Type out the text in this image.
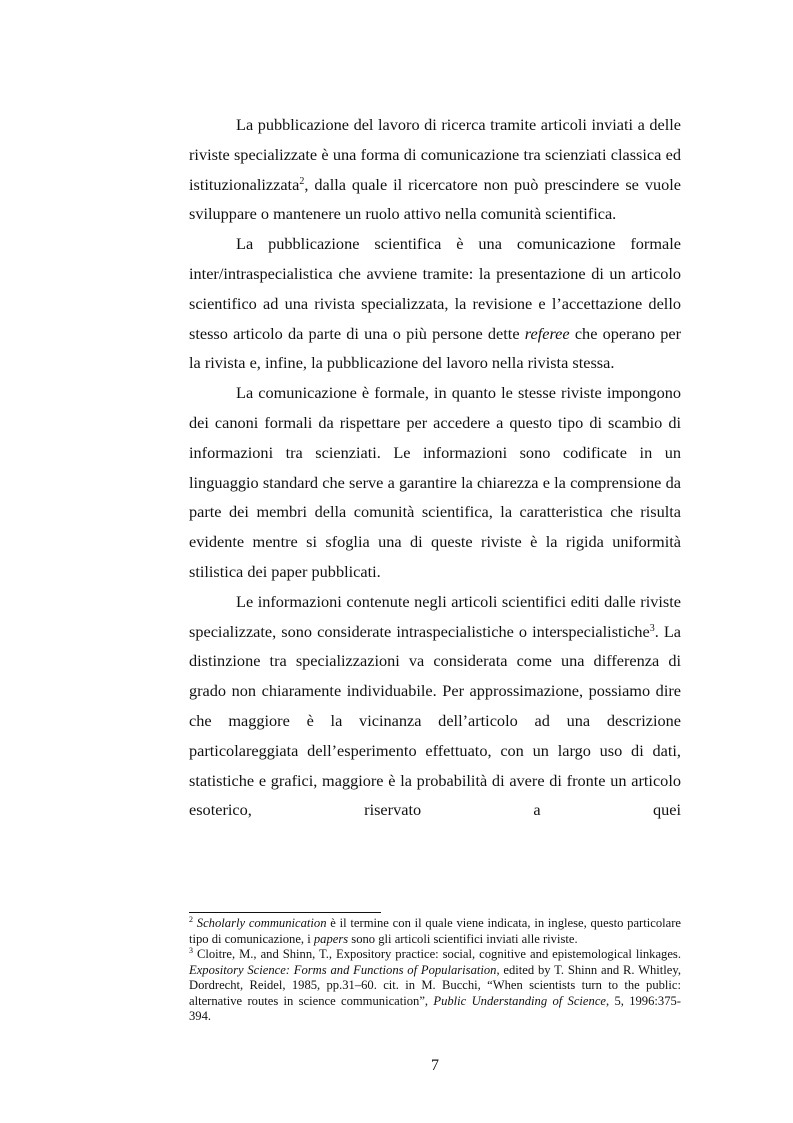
La pubblicazione del lavoro di ricerca tramite articoli inviati a delle riviste specializzate è una forma di comunicazione tra scienziati classica ed istituzionalizzata$^2$, dalla quale il ricercatore non può prescindere se vuole sviluppare o mantenere un ruolo attivo nella comunità scientifica.

La pubblicazione scientifica è una comunicazione formale inter/intraspecialistica che avviene tramite: la presentazione di un articolo scientifico ad una rivista specializzata, la revisione e l’accettazione dello stesso articolo da parte di una o più persone dette referee che operano per la rivista e, infine, la pubblicazione del lavoro nella rivista stessa.

La comunicazione è formale, in quanto le stesse riviste impongono dei canoni formali da rispettare per accedere a questo tipo di scambio di informazioni tra scienziati. Le informazioni sono codificate in un linguaggio standard che serve a garantire la chiarezza e la comprensione da parte dei membri della comunità scientifica, la caratteristica che risulta evidente mentre si sfoglia una di queste riviste è la rigida uniformità stilistica dei paper pubblicati.

Le informazioni contenute negli articoli scientifici editi dalle riviste specializzate, sono considerate intraspecialistiche o interspecialistiche$^3$. La distinzione tra specializzazioni va considerata come una differenza di grado non chiaramente individuabile. Per approssimazione, possiamo dire che maggiore è la vicinanza dell’articolo ad una descrizione particolareggiata dell’esperimento effettuato, con un largo uso di dati, statistiche e grafici, maggiore è la probabilità di avere di fronte un articolo esoterico, riservato a quei

$^2$ Scholarly communication è il termine con il quale viene indicata, in inglese, questo particolare tipo di comunicazione, i papers sono gli articoli scientifici inviati alle riviste.

$^3$ Cloitre, M., and Shinn, T., Expository practice: social, cognitive and epistemological linkages. Expository Science: Forms and Functions of Popularisation, edited by T. Shinn and R. Whitley, Dordrecht, Reidel, 1985, pp.31–60. cit. in M. Bucchi, “When scientists turn to the public: alternative routes in science communication”, Public Understanding of Science, 5, 1996:375-394.

7
